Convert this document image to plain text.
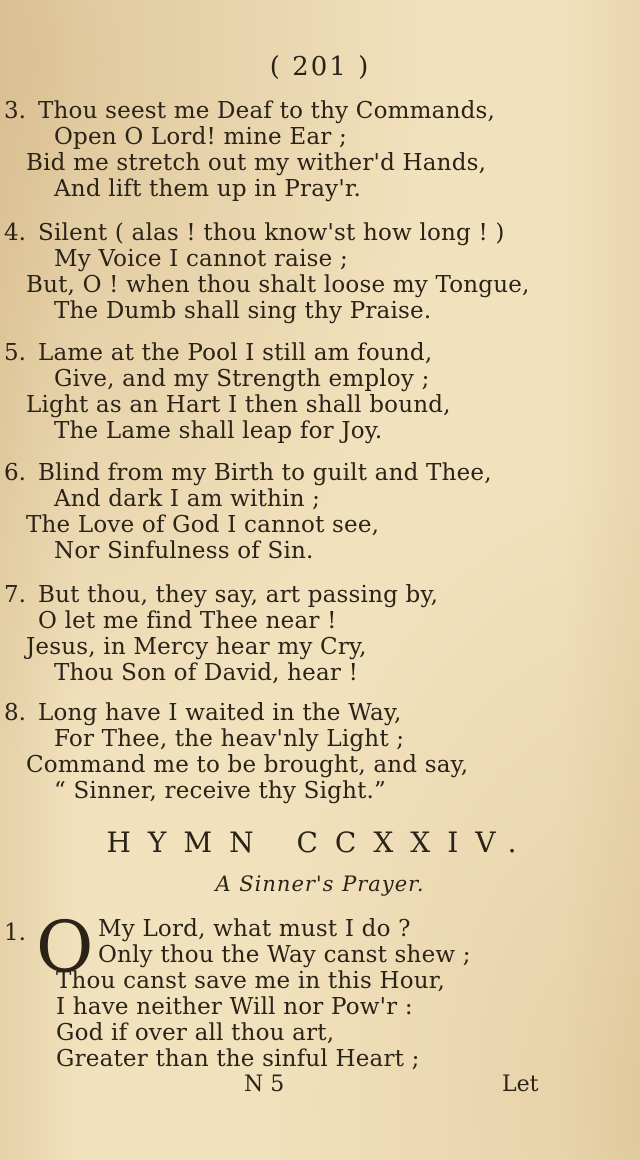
( 201 )
3. Thou seest me Deaf to thy Commands,
Open O Lord! mine Ear ;
Bid me stretch out my wither'd Hands,
And lift them up in Pray'r.
4. Silent ( alas ! thou know'st how long ! )
My Voice I cannot raise ;
But, O ! when thou shalt loose my Tongue,
The Dumb shall sing thy Praise.
5. Lame at the Pool I still am found,
Give, and my Strength employ ;
Light as an Hart I then shall bound,
The Lame shall leap for Joy.
6. Blind from my Birth to guilt and Thee,
And dark I am within ;
The Love of God I cannot see,
Nor Sinfulness of Sin.
7. But thou, they say, art passing by,
O let me find Thee near !
Jesus, in Mercy hear my Cry,
Thou Son of David, hear !
8. Long have I waited in the Way,
For Thee, the heav'nly Light ;
Command me to be brought, and say,
“ Sinner, receive thy Sight.”
HYMN CCXXIV.
A Sinner's Prayer.
1. O My Lord, what must I do ?
Only thou the Way canst shew ;
Thou canst save me in this Hour,
I have neither Will nor Pow'r :
God if over all thou art,
Greater than the sinful Heart ;
N 5	Let
